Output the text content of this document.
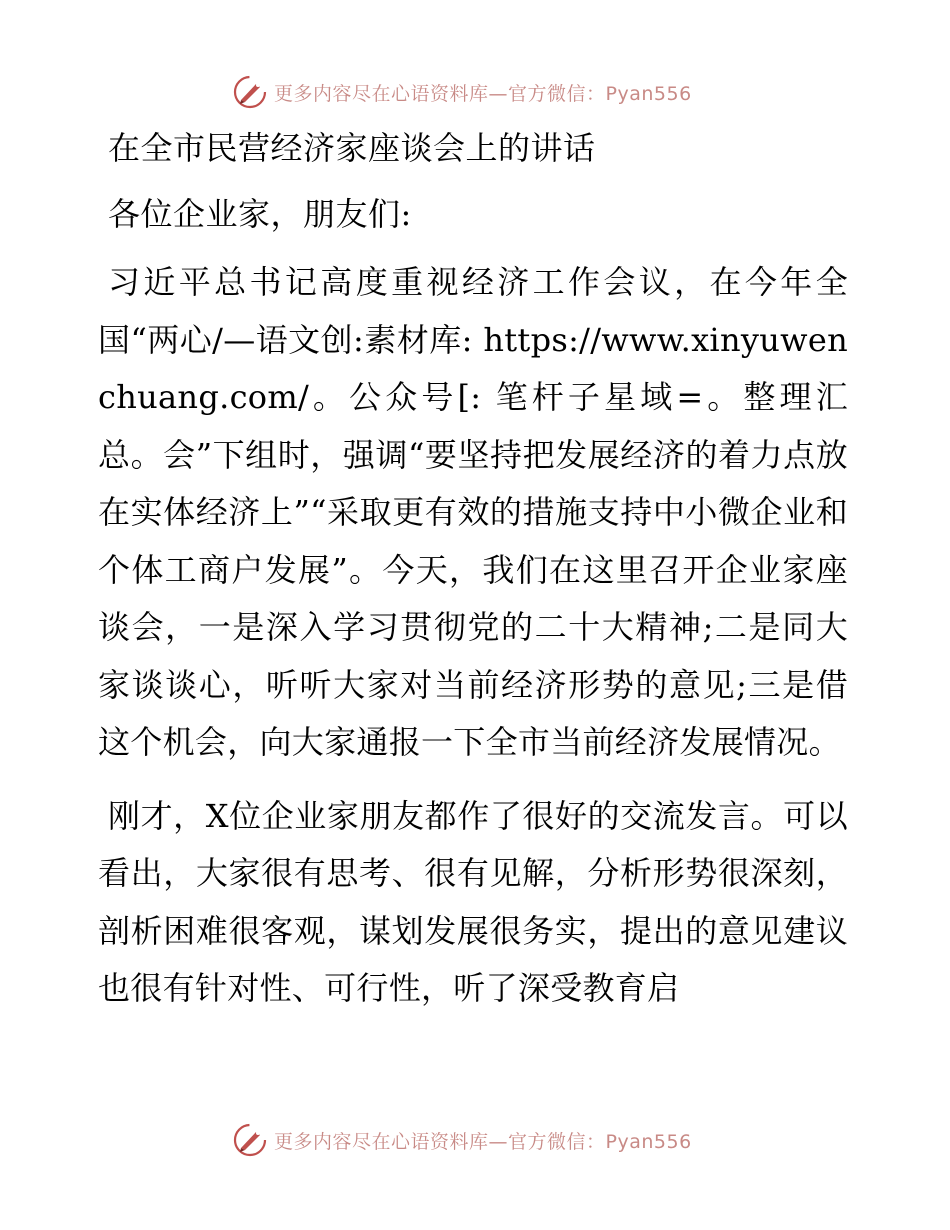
更多内容尽在心语资料库—官方微信：Pyan556
在全市民营经济家座谈会上的讲话
各位企业家，朋友们:

习近平总书记高度重视经济工作会议，在今年全国“两心/—语文创:素材库: https://www.xinyuwenchuang.com/。公众号[: 笔杆子星域=。整理汇总。会”下组时，强调“要坚持把发展经济的着力点放在实体经济上”“采取更有效的措施支持中小微企业和个体工商户发展”。今天，我们在这里召开企业家座谈会，一是深入学习贯彻党的二十大精神;二是同大家谈谈心，听听大家对当前经济形势的意见;三是借这个机会，向大家通报一下全市当前经济发展情况。

刚才，X位企业家朋友都作了很好的交流发言。可以看出，大家很有思考、很有见解，分析形势很深刻，剖析困难很客观，谋划发展很务实，提出的意见建议也很有针对性、可行性，听了深受教育启

更多内容尽在心语资料库—官方微信：Pyan556
